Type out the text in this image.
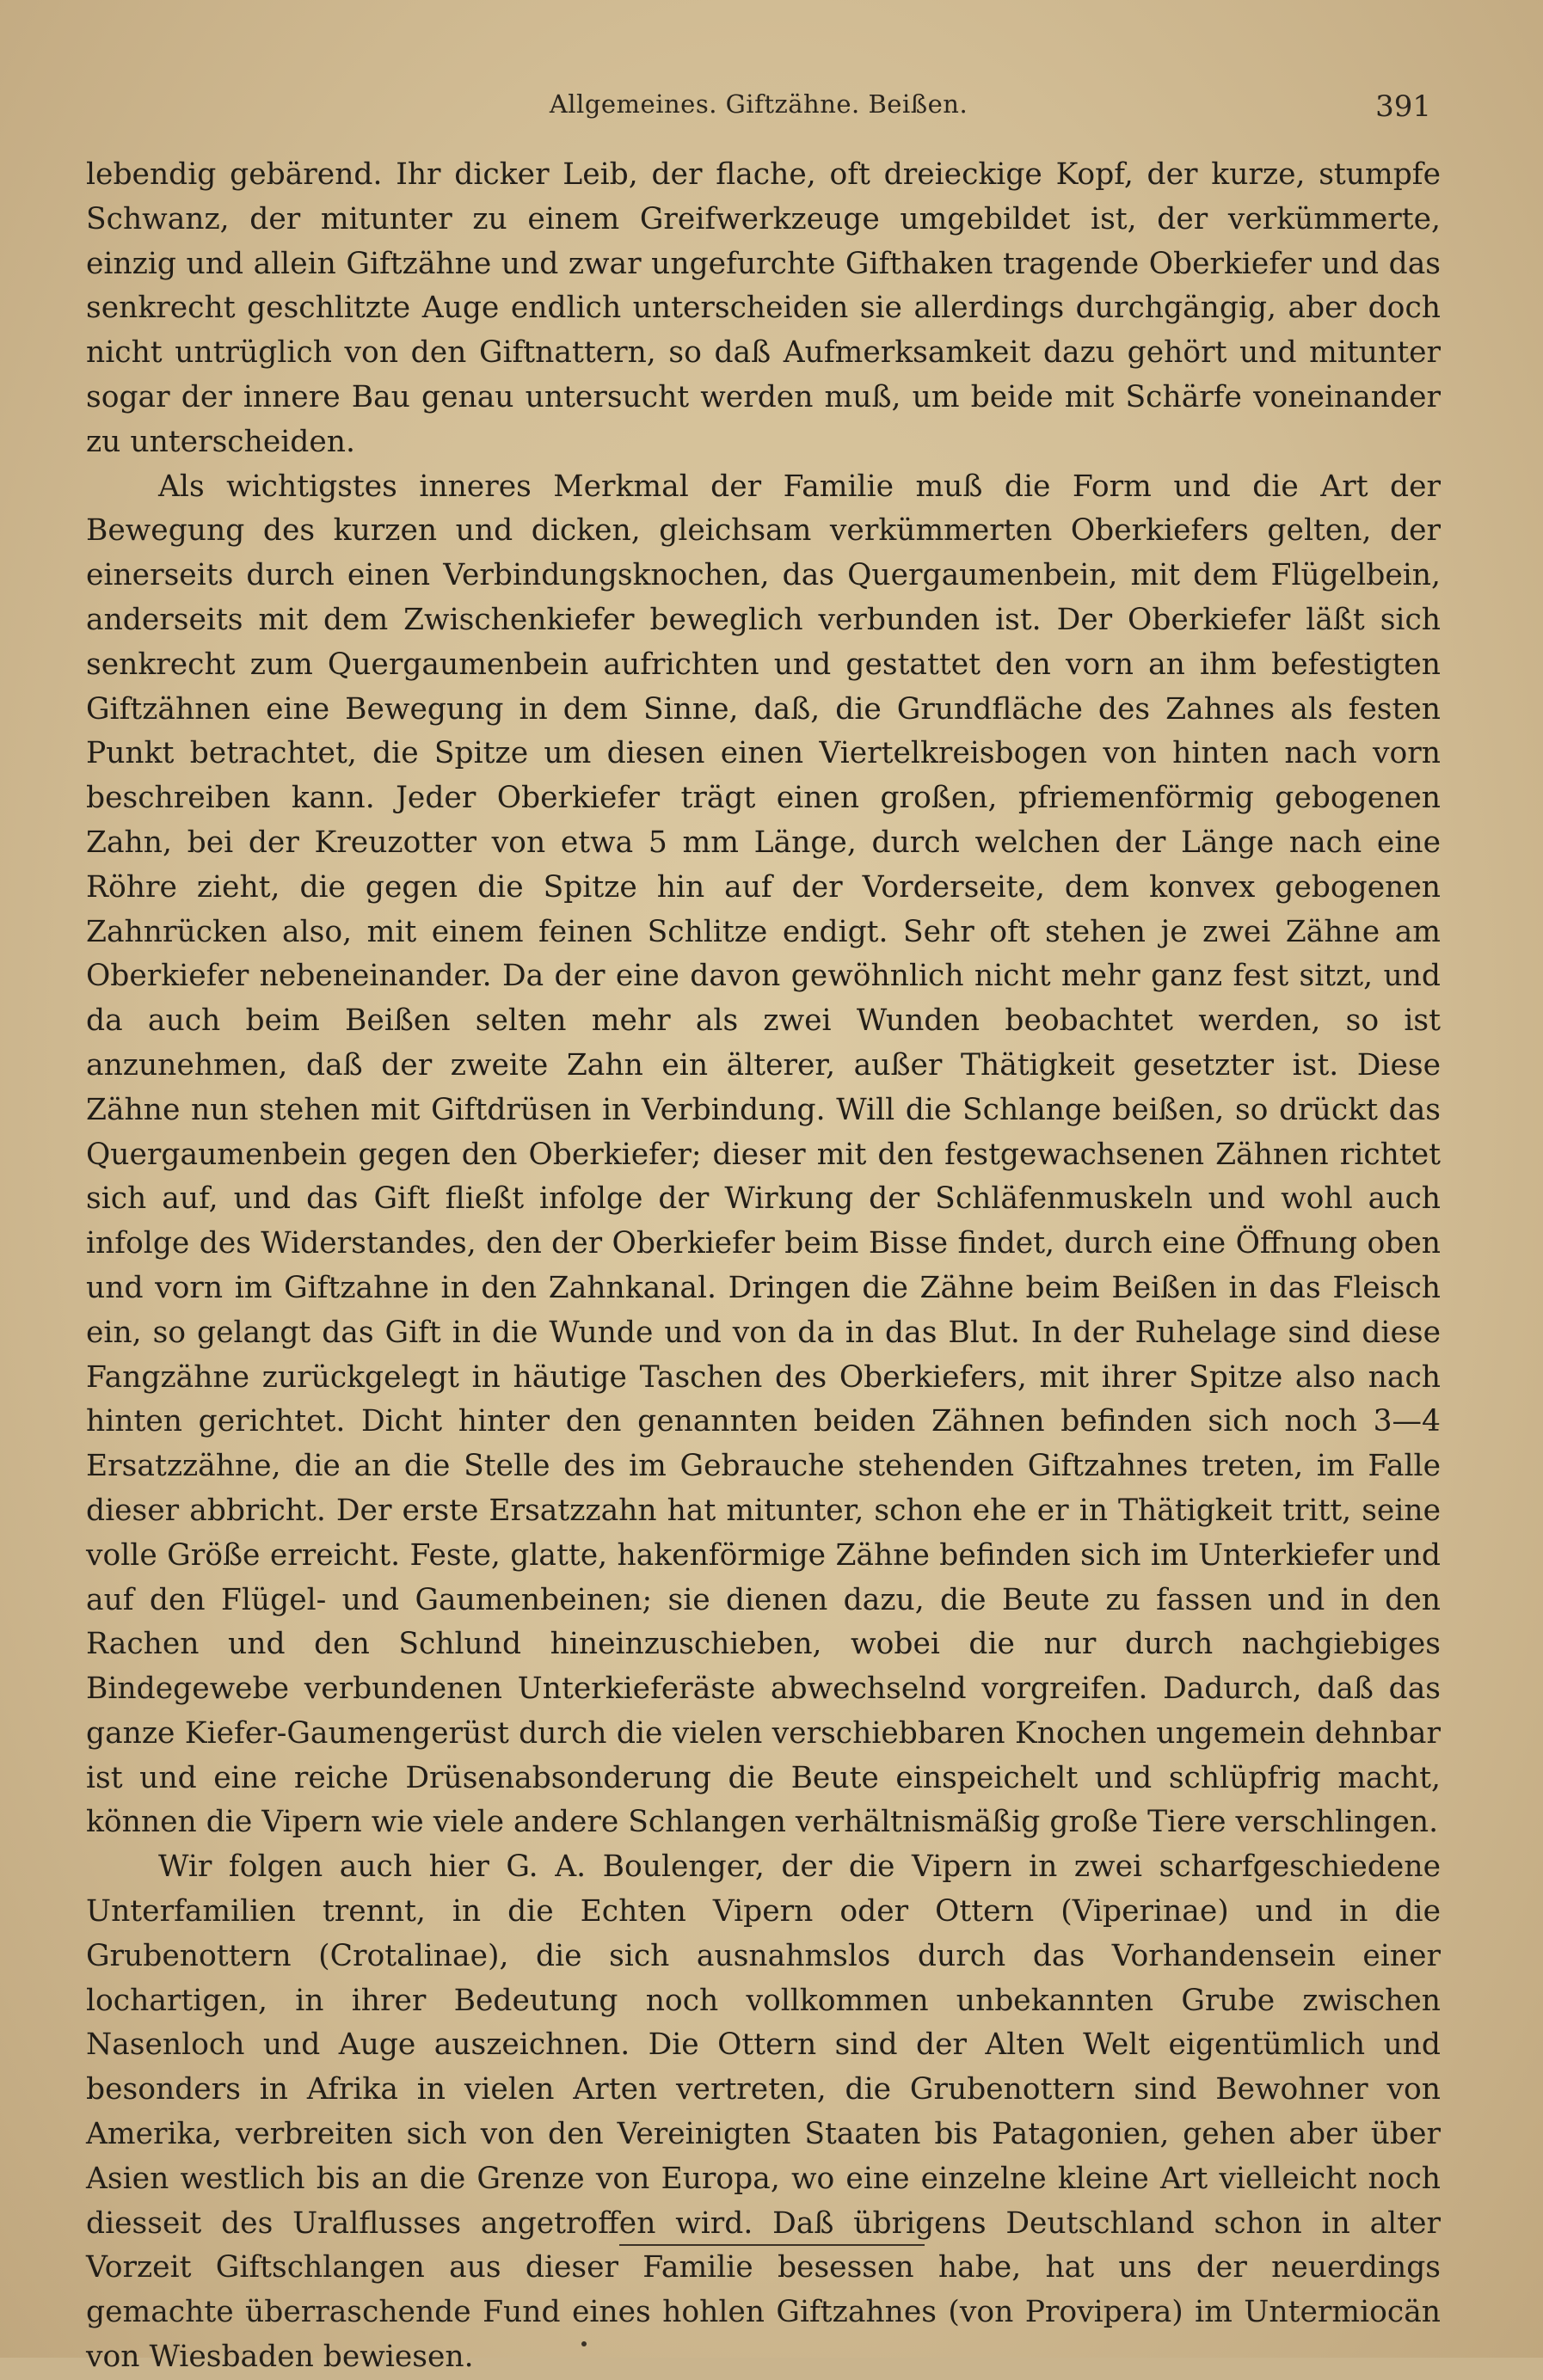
Allgemeines. Giftzähne. Beißen.	391

lebendig gebärend. Ihr dicker Leib, der flache, oft dreieckige Kopf, der kurze, stumpfe Schwanz, der mitunter zu einem Greifwerkzeuge umgebildet ist, der verkümmerte, einzig und allein Giftzähne und zwar ungefurchte Gifthaken tragende Oberkiefer und das senkrecht geschlitzte Auge endlich unterscheiden sie allerdings durchgängig, aber doch nicht untrüglich von den Giftnattern, so daß Aufmerksamkeit dazu gehört und mitunter sogar der innere Bau genau untersucht werden muß, um beide mit Schärfe voneinander zu unterscheiden.

Als wichtigstes inneres Merkmal der Familie muß die Form und die Art der Bewegung des kurzen und dicken, gleichsam verkümmerten Oberkiefers gelten, der einerseits durch einen Verbindungsknochen, das Quergaumenbein, mit dem Flügelbein, anderseits mit dem Zwischenkiefer beweglich verbunden ist. Der Oberkiefer läßt sich senkrecht zum Quergaumenbein aufrichten und gestattet den vorn an ihm befestigten Giftzähnen eine Bewegung in dem Sinne, daß, die Grundfläche des Zahnes als festen Punkt betrachtet, die Spitze um diesen einen Viertelkreisbogen von hinten nach vorn beschreiben kann. Jeder Oberkiefer trägt einen großen, pfriemenförmig gebogenen Zahn, bei der Kreuzotter von etwa 5 mm Länge, durch welchen der Länge nach eine Röhre zieht, die gegen die Spitze hin auf der Vorderseite, dem konvex gebogenen Zahnrücken also, mit einem feinen Schlitze endigt. Sehr oft stehen je zwei Zähne am Oberkiefer nebeneinander. Da der eine davon gewöhnlich nicht mehr ganz fest sitzt, und da auch beim Beißen selten mehr als zwei Wunden beobachtet werden, so ist anzunehmen, daß der zweite Zahn ein älterer, außer Thätigkeit gesetzter ist. Diese Zähne nun stehen mit Giftdrüsen in Verbindung. Will die Schlange beißen, so drückt das Quergaumenbein gegen den Oberkiefer; dieser mit den festgewachsenen Zähnen richtet sich auf, und das Gift fließt infolge der Wirkung der Schläfenmuskeln und wohl auch infolge des Widerstandes, den der Oberkiefer beim Bisse findet, durch eine Öffnung oben und vorn im Giftzahne in den Zahnkanal. Dringen die Zähne beim Beißen in das Fleisch ein, so gelangt das Gift in die Wunde und von da in das Blut. In der Ruhelage sind diese Fangzähne zurückgelegt in häutige Taschen des Oberkiefers, mit ihrer Spitze also nach hinten gerichtet. Dicht hinter den genannten beiden Zähnen befinden sich noch 3—4 Ersatzzähne, die an die Stelle des im Gebrauche stehenden Giftzahnes treten, im Falle dieser abbricht. Der erste Ersatzzahn hat mitunter, schon ehe er in Thätigkeit tritt, seine volle Größe erreicht. Feste, glatte, hakenförmige Zähne befinden sich im Unterkiefer und auf den Flügel- und Gaumenbeinen; sie dienen dazu, die Beute zu fassen und in den Rachen und den Schlund hineinzuschieben, wobei die nur durch nachgiebiges Bindegewebe verbundenen Unterkieferäste abwechselnd vorgreifen. Dadurch, daß das ganze Kiefer-Gaumengerüst durch die vielen verschiebbaren Knochen ungemein dehnbar ist und eine reiche Drüsenabsonderung die Beute einspeichelt und schlüpfrig macht, können die Vipern wie viele andere Schlangen verhältnismäßig große Tiere verschlingen.

Wir folgen auch hier G. A. Boulenger, der die Vipern in zwei scharfgeschiedene Unterfamilien trennt, in die Echten Vipern oder Ottern (Viperinae) und in die Grubenottern (Crotalinae), die sich ausnahmslos durch das Vorhandensein einer lochartigen, in ihrer Bedeutung noch vollkommen unbekannten Grube zwischen Nasenloch und Auge auszeichnen. Die Ottern sind der Alten Welt eigentümlich und besonders in Afrika in vielen Arten vertreten, die Grubenottern sind Bewohner von Amerika, verbreiten sich von den Vereinigten Staaten bis Patagonien, gehen aber über Asien westlich bis an die Grenze von Europa, wo eine einzelne kleine Art vielleicht noch diesseit des Uralflusses angetroffen wird. Daß übrigens Deutschland schon in alter Vorzeit Giftschlangen aus dieser Familie besessen habe, hat uns der neuerdings gemachte überraschende Fund eines hohlen Giftzahnes (von Provipera) im Untermiocän von Wiesbaden bewiesen.
